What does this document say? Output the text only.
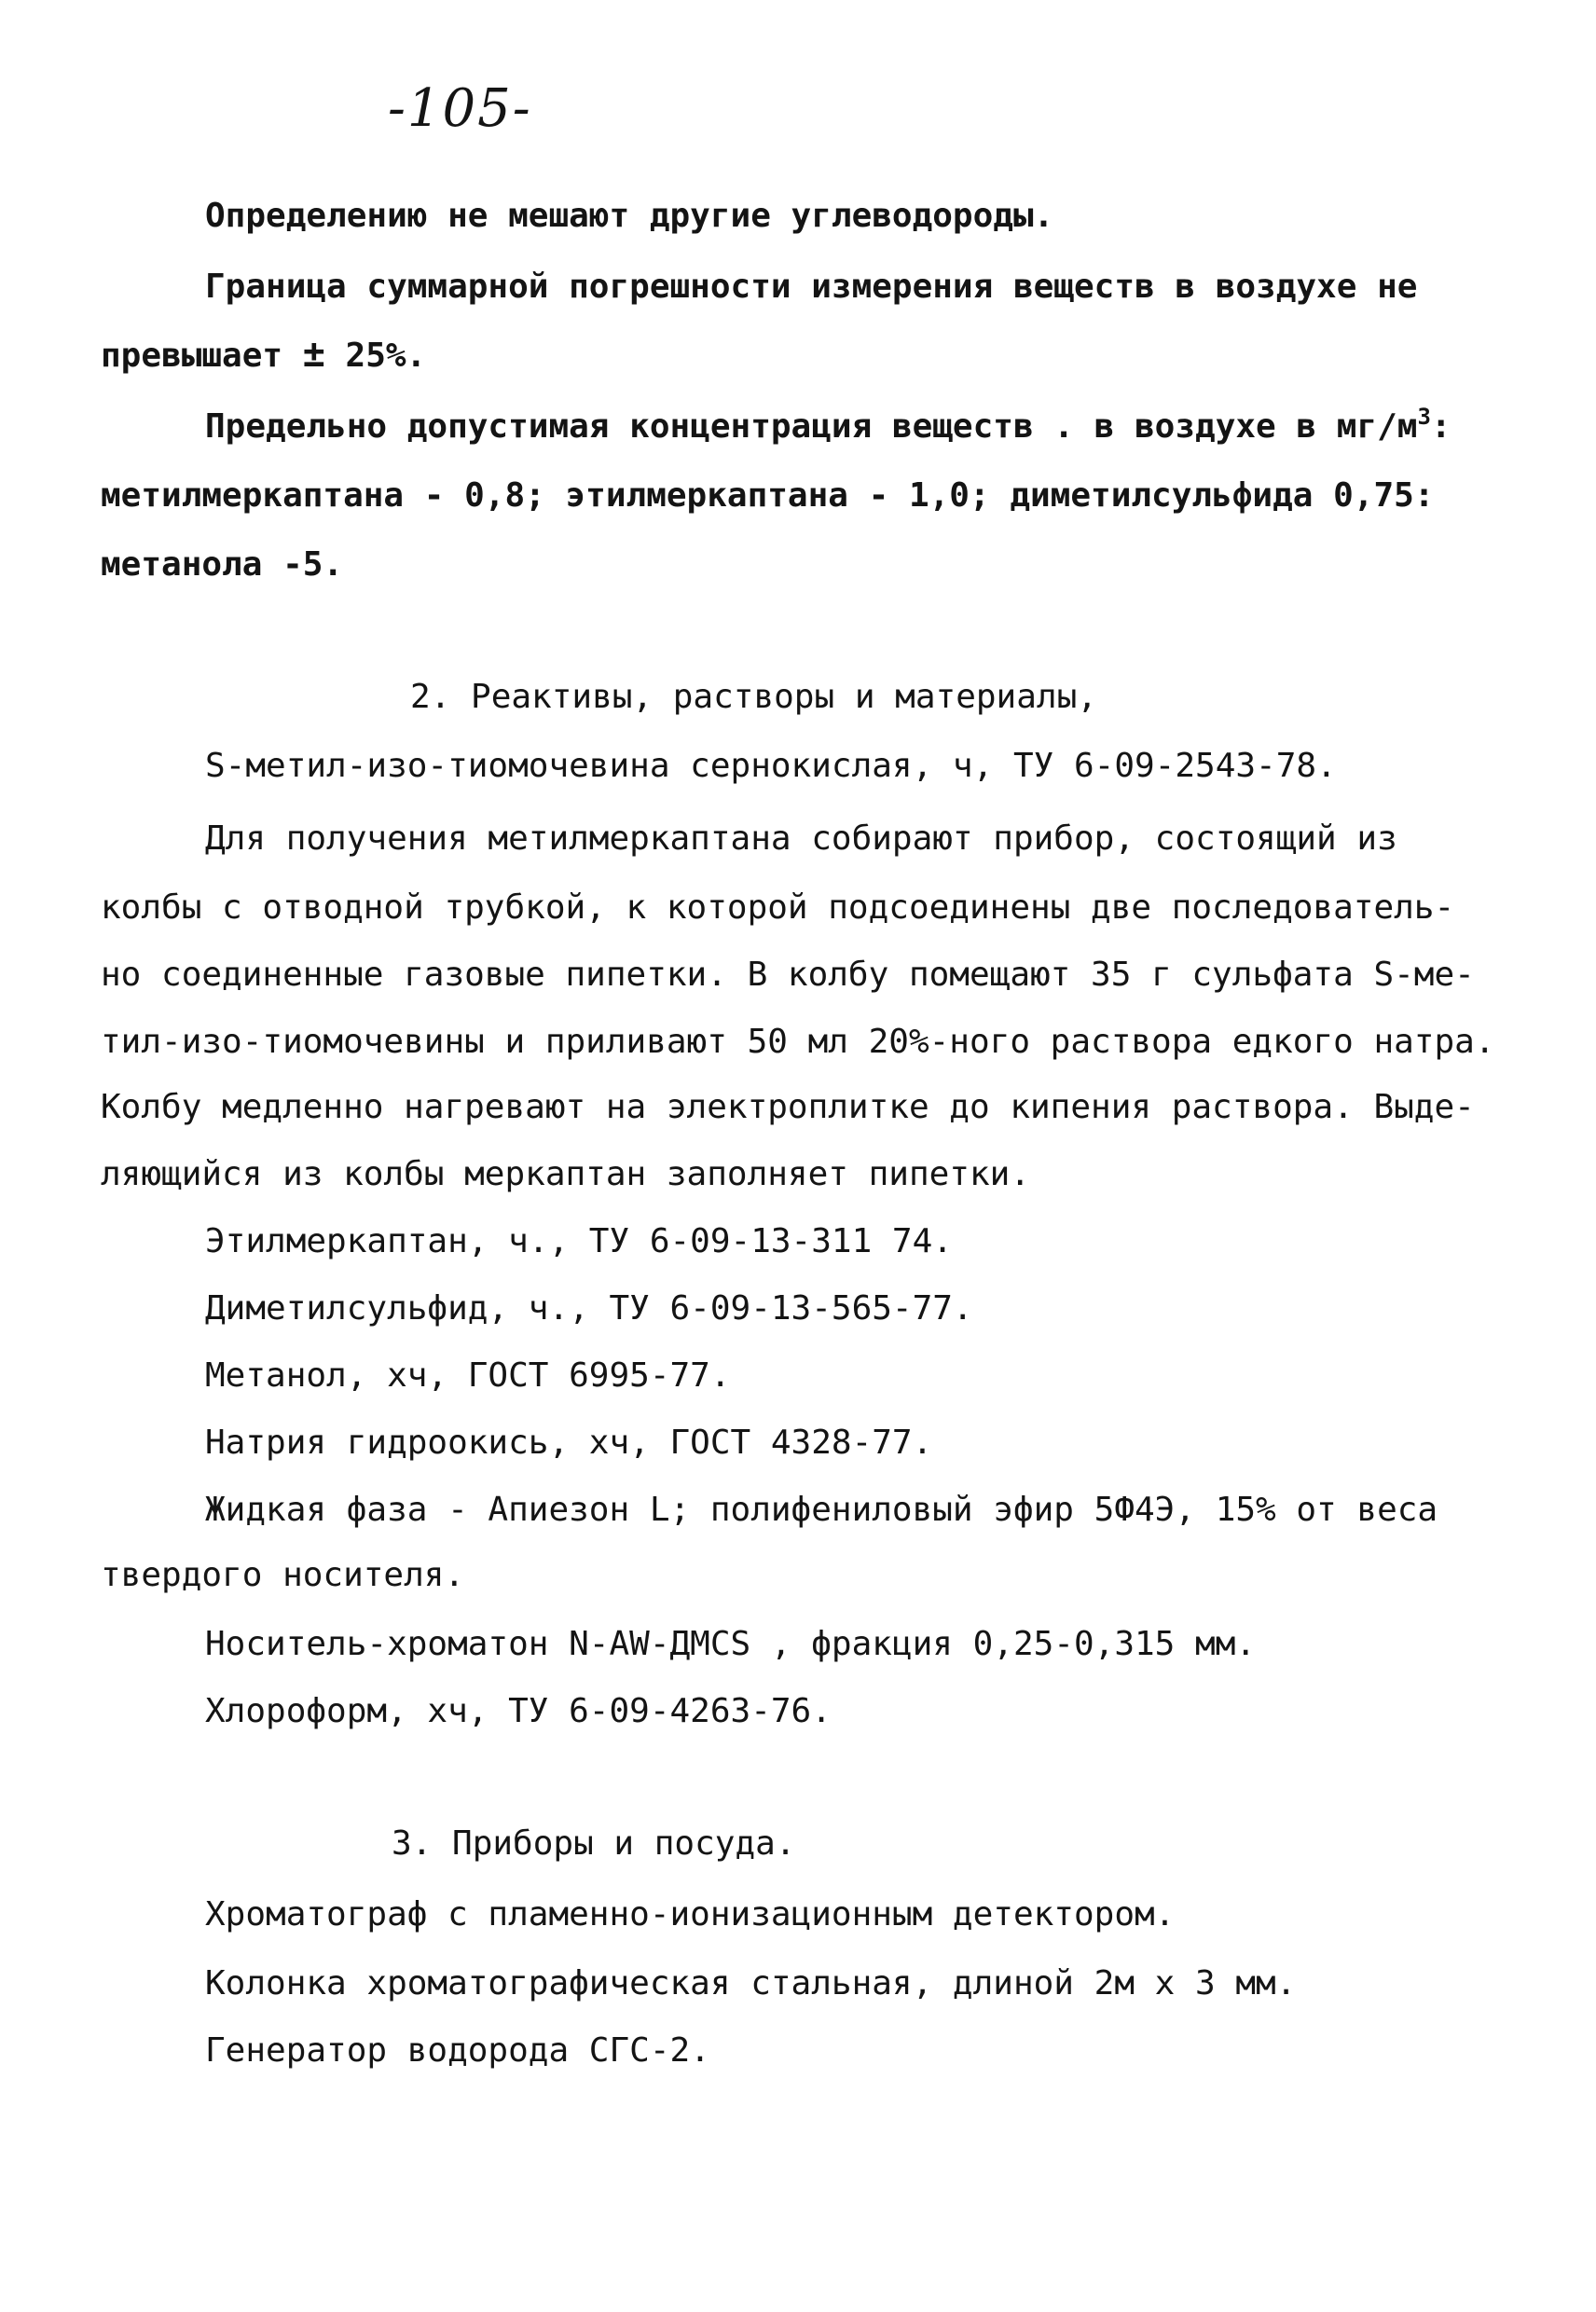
-105-
Определению не мешают другие углеводороды.
Граница суммарной погрешности измерения веществ в воздухе не
превышает ± 25%.
Предельно допустимая концентрация веществ . в воздухе в $мг/м^3$:
метилмеркаптана - 0,8; этилмеркаптана - 1,0; диметилсульфида 0,75:
метанола -5.
2. Реактивы, растворы и материалы,
S-метил-изо-тиомочевина сернокислая, ч, ТУ 6-09-2543-78.
Для получения метилмеркаптана собирают прибор, состоящий из
колбы с отводной трубкой, к которой подсоединены две последователь-
но соединенные газовые пипетки. В колбу помещают 35 г сульфата S-ме-
тил-изо-тиомочевины и приливают 50 мл 20%-ного раствора едкого натра.
Колбу медленно нагревают на электроплитке до кипения раствора. Выде-
ляющийся из колбы меркаптан заполняет пипетки.
Этилмеркаптан, ч., ТУ 6-09-13-311 74.
Диметилсульфид, ч., ТУ 6-09-13-565-77.
Метанол, хч, ГОСТ 6995-77.
Натрия гидроокись, хч, ГОСТ 4328-77.
Жидкая фаза - Апиезон L; полифениловый эфир 5Ф4Э, 15% от веса
твердого носителя.
Носитель-хроматон N-AW-ДМСS , фракция 0,25-0,315 мм.
Хлороформ, хч, ТУ 6-09-4263-76.
3. Приборы и посуда.
Хроматограф с пламенно-ионизационным детектором.
Колонка хроматографическая стальная, длиной 2м х 3 мм.
Генератор водорода СГС-2.
